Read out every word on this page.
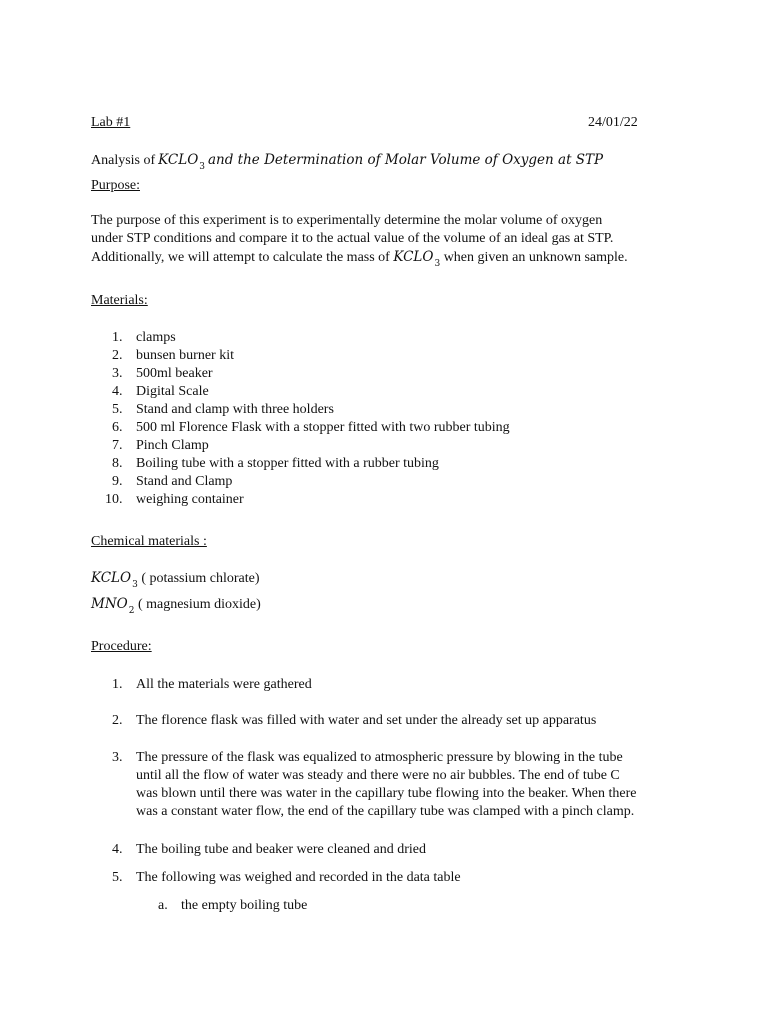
Lab #1	24/01/22
Analysis of $KCLO_3$ and the Determination of Molar Volume of Oxygen at STP
Purpose:
The purpose of this experiment is to experimentally determine the molar volume of oxygen
under STP conditions and compare it to the actual value of the volume of an ideal gas at STP.
Additionally, we will attempt to calculate the mass of $KCLO_3$ when given an unknown sample.
Materials:
1. clamps
2. bunsen burner kit
3. 500ml beaker
4. Digital Scale
5. Stand and clamp with three holders
6. 500 ml Florence Flask with a stopper fitted with two rubber tubing
7. Pinch Clamp
8. Boiling tube with a stopper fitted with a rubber tubing
9. Stand and Clamp
10. weighing container
Chemical materials :
$KCLO_3$ ( potassium chlorate)
$MNO_2$ ( magnesium dioxide)
Procedure:
1. All the materials were gathered
2. The florence flask was filled with water and set under the already set up apparatus
3. The pressure of the flask was equalized to atmospheric pressure by blowing in the tube
until all the flow of water was steady and there were no air bubbles. The end of tube C
was blown until there was water in the capillary tube flowing into the beaker. When there
was a constant water flow, the end of the capillary tube was clamped with a pinch clamp.
4. The boiling tube and beaker were cleaned and dried
5. The following was weighed and recorded in the data table
a. the empty boiling tube
